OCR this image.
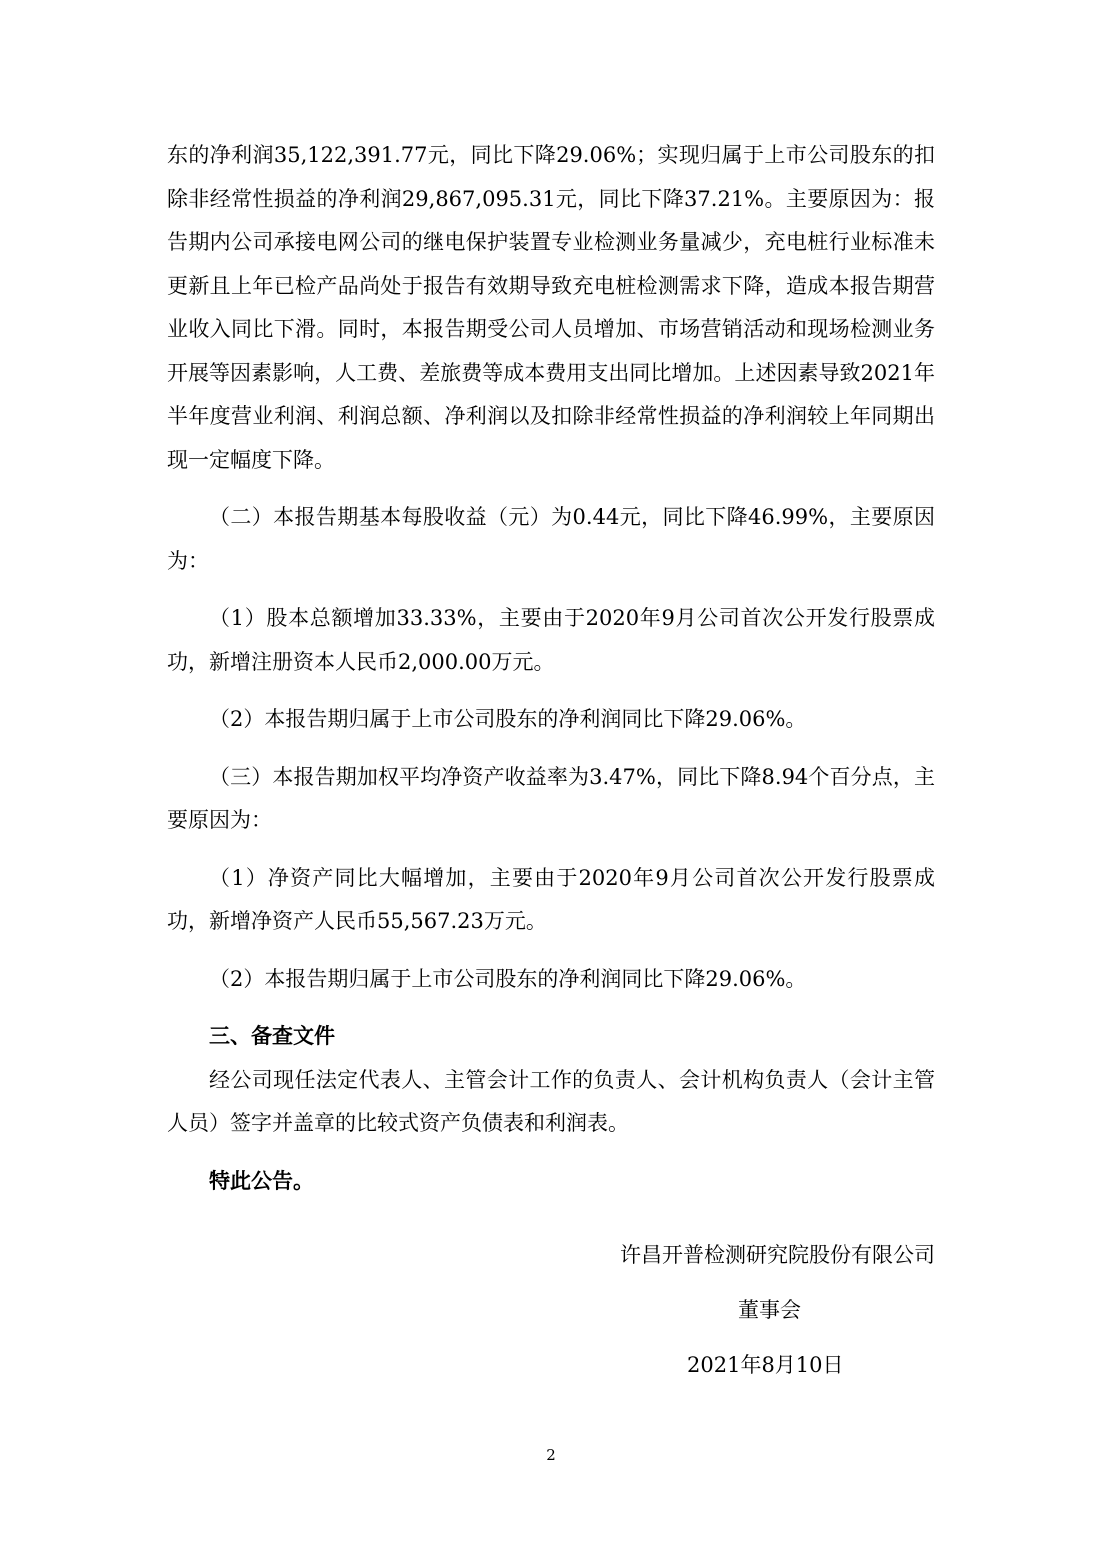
东的净利润35,122,391.77元，同比下降29.06%；实现归属于上市公司股东的扣除非经常性损益的净利润29,867,095.31元，同比下降37.21%。主要原因为：报告期内公司承接电网公司的继电保护装置专业检测业务量减少，充电桩行业标准未更新且上年已检产品尚处于报告有效期导致充电桩检测需求下降，造成本报告期营业收入同比下滑。同时，本报告期受公司人员增加、市场营销活动和现场检测业务开展等因素影响，人工费、差旅费等成本费用支出同比增加。上述因素导致2021年半年度营业利润、利润总额、净利润以及扣除非经常性损益的净利润较上年同期出现一定幅度下降。

（二）本报告期基本每股收益（元）为0.44元，同比下降46.99%，主要原因为：

（1）股本总额增加33.33%，主要由于2020年9月公司首次公开发行股票成功，新增注册资本人民币2,000.00万元。

（2）本报告期归属于上市公司股东的净利润同比下降29.06%。

（三）本报告期加权平均净资产收益率为3.47%，同比下降8.94个百分点，主要原因为：

（1）净资产同比大幅增加，主要由于2020年9月公司首次公开发行股票成功，新增净资产人民币55,567.23万元。

（2）本报告期归属于上市公司股东的净利润同比下降29.06%。

三、备查文件

经公司现任法定代表人、主管会计工作的负责人、会计机构负责人（会计主管人员）签字并盖章的比较式资产负债表和利润表。

特此公告。

许昌开普检测研究院股份有限公司
董事会
2021年8月10日
2
